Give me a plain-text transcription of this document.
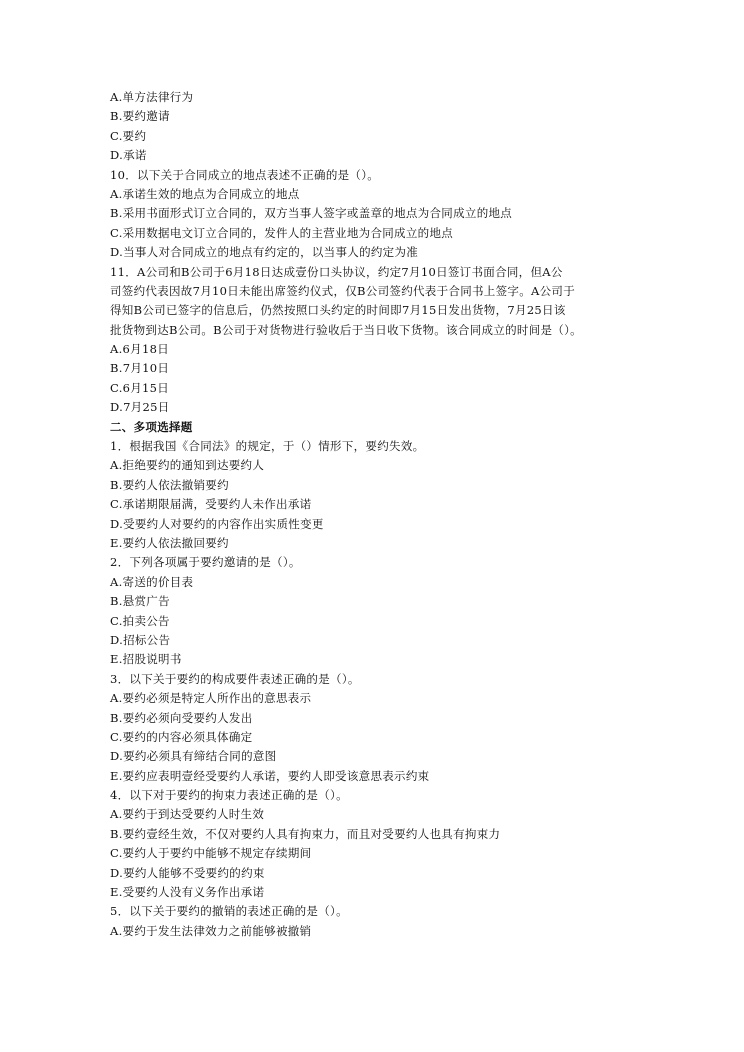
A.单方法律行为
B.要约邀请
C.要约
D.承诺
10．以下关于合同成立的地点表述不正确的是（）。
A.承诺生效的地点为合同成立的地点
B.采用书面形式订立合同的，双方当事人签字或盖章的地点为合同成立的地点
C.采用数据电文订立合同的，发件人的主营业地为合同成立的地点
D.当事人对合同成立的地点有约定的，以当事人的约定为准
11．A公司和B公司于6月18日达成壹份口头协议，约定7月10日签订书面合同，但A公
司签约代表因故7月10日未能出席签约仪式，仅B公司签约代表于合同书上签字。A公司于
得知B公司已签字的信息后，仍然按照口头约定的时间即7月15日发出货物，7月25日该
批货物到达B公司。B公司于对货物进行验收后于当日收下货物。该合同成立的时间是（）。
A.6月18日
B.7月10日
C.6月15日
D.7月25日
二、多项选择题
1．根据我国《合同法》的规定，于（）情形下，要约失效。
A.拒绝要约的通知到达要约人
B.要约人依法撤销要约
C.承诺期限届满，受要约人未作出承诺
D.受要约人对要约的内容作出实质性变更
E.要约人依法撤回要约
2．下列各项属于要约邀请的是（）。
A.寄送的价目表
B.悬赏广告
C.拍卖公告
D.招标公告
E.招股说明书
3．以下关于要约的构成要件表述正确的是（）。
A.要约必须是特定人所作出的意思表示
B.要约必须向受要约人发出
C.要约的内容必须具体确定
D.要约必须具有缔结合同的意图
E.要约应表明壹经受要约人承诺，要约人即受该意思表示约束
4．以下对于要约的拘束力表述正确的是（）。
A.要约于到达受要约人时生效
B.要约壹经生效，不仅对要约人具有拘束力，而且对受要约人也具有拘束力
C.要约人于要约中能够不规定存续期间
D.要约人能够不受要约的约束
E.受要约人没有义务作出承诺
5．以下关于要约的撤销的表述正确的是（）。
A.要约于发生法律效力之前能够被撤销
